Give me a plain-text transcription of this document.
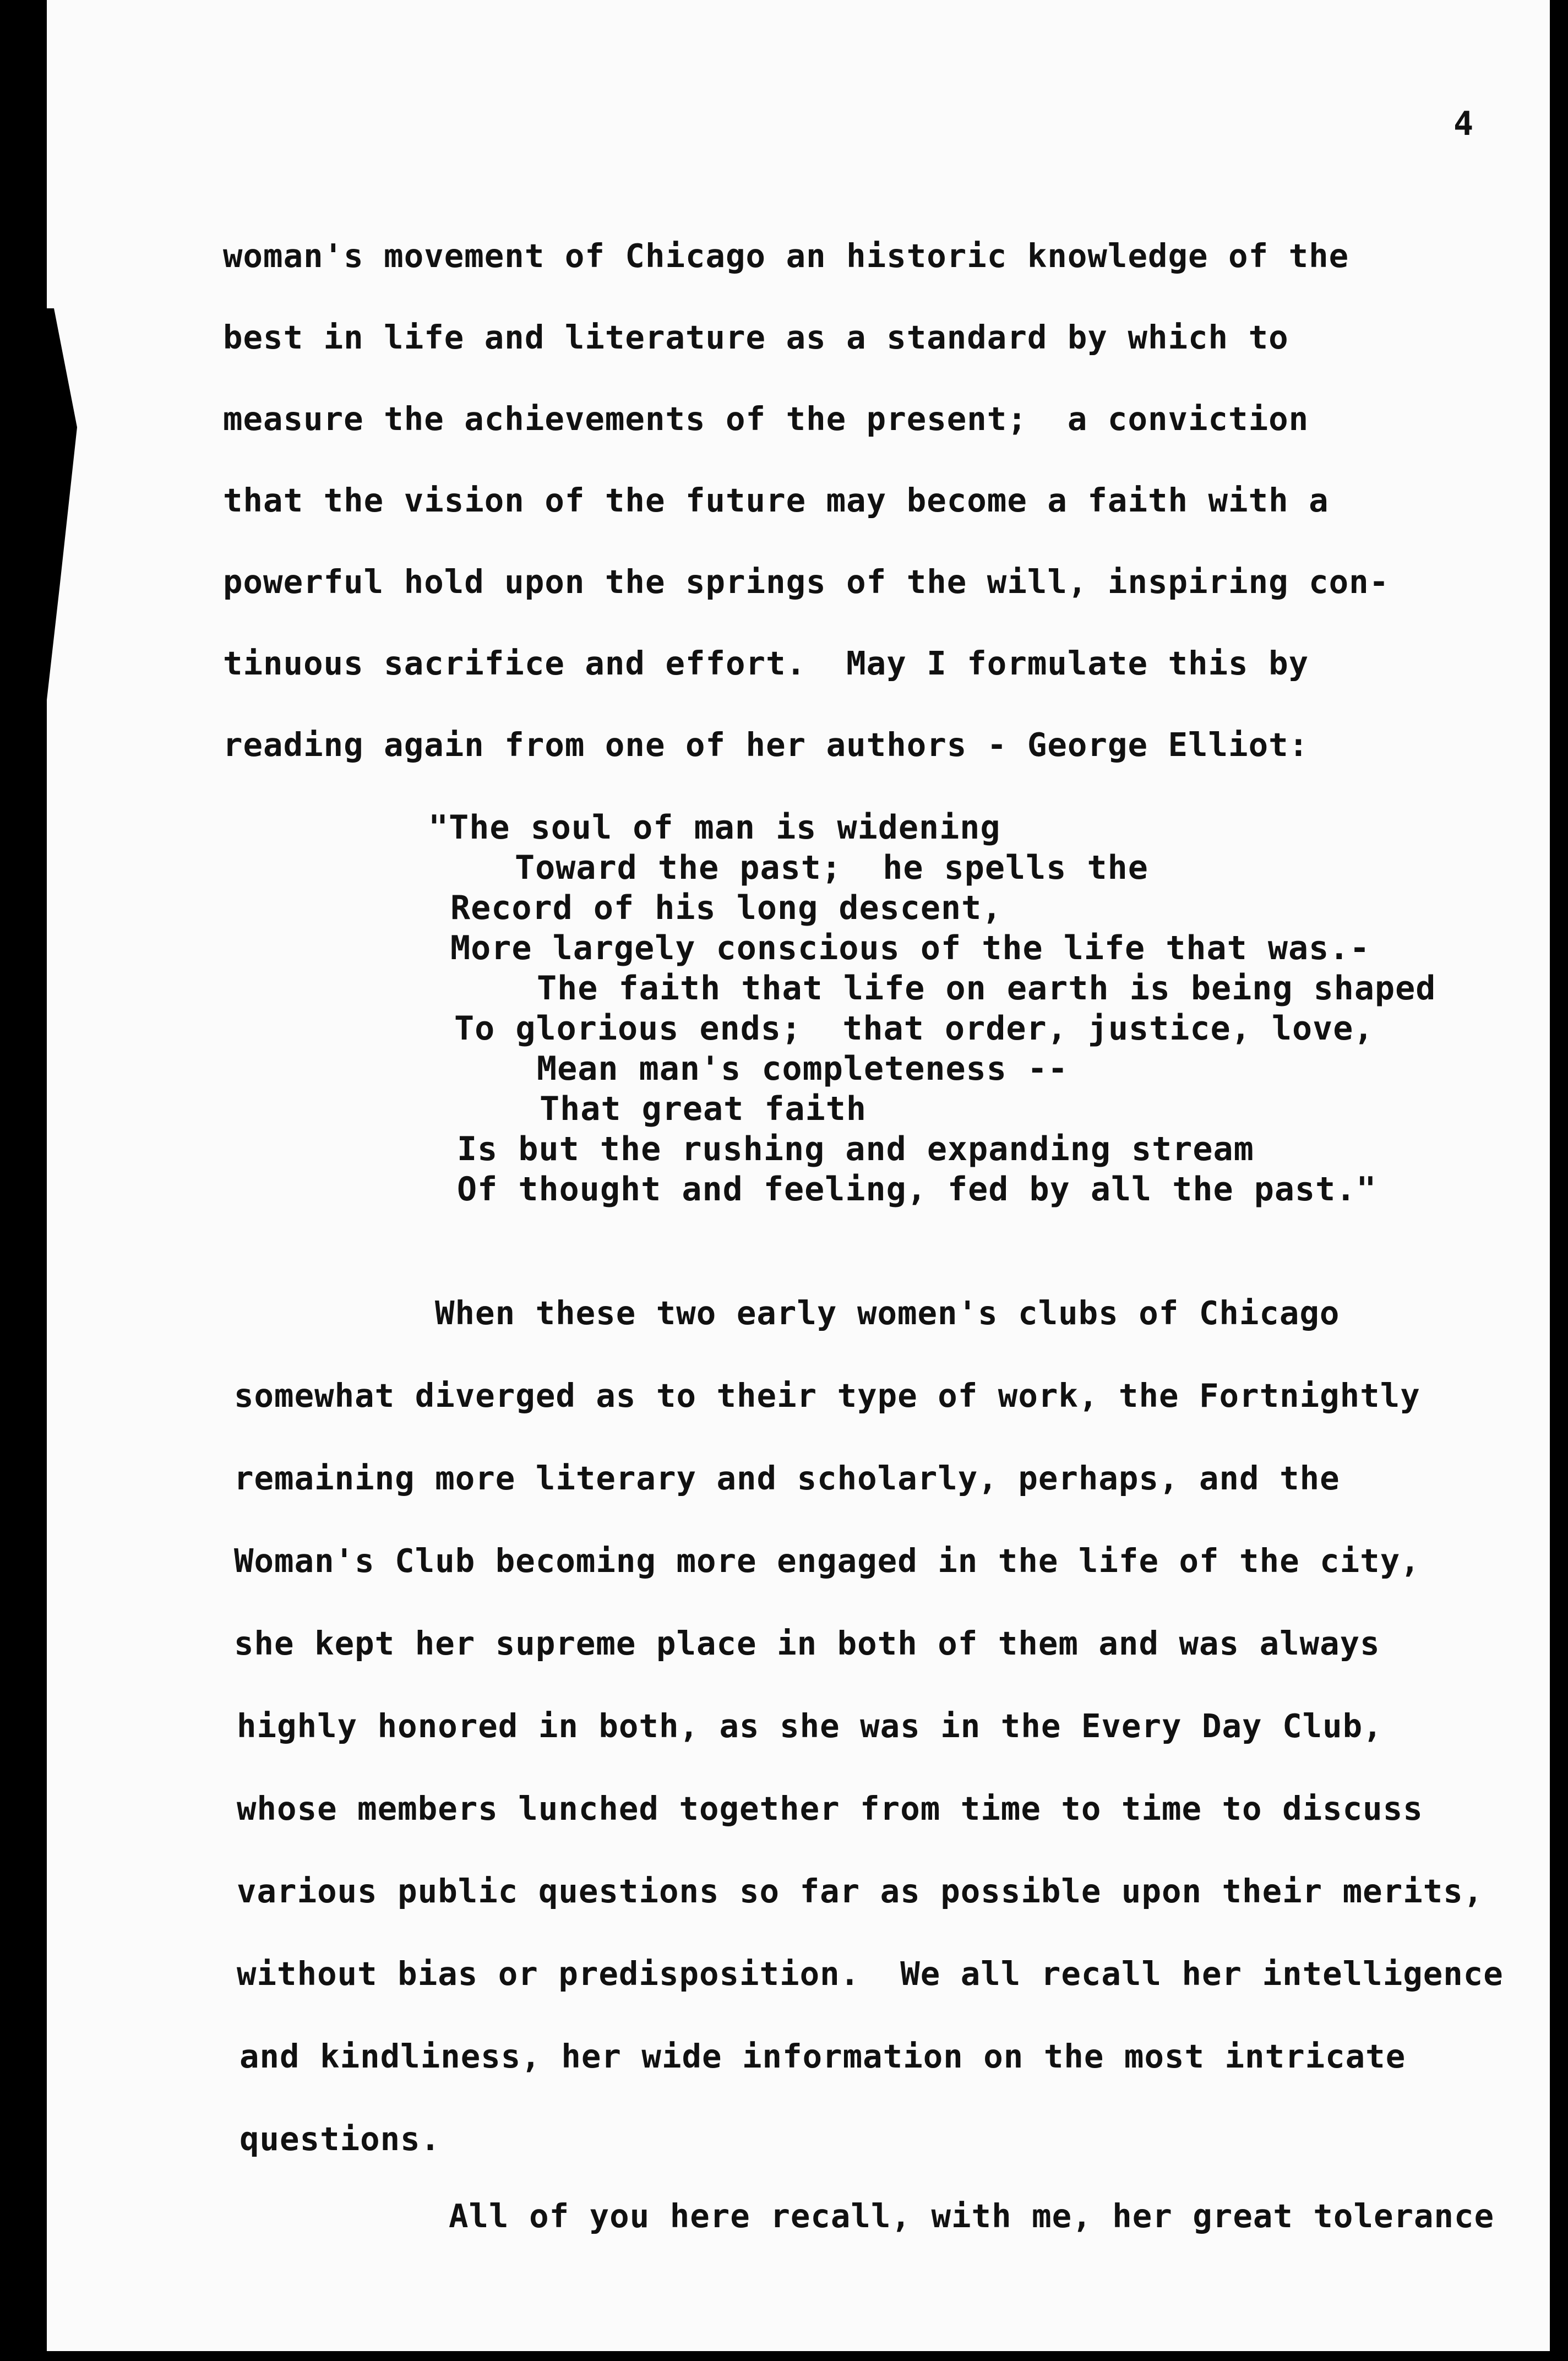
4
woman's movement of Chicago an historic knowledge of the
best in life and literature as a standard by which to
measure the achievements of the present;  a conviction
that the vision of the future may become a faith with a
powerful hold upon the springs of the will, inspiring con-
tinuous sacrifice and effort.  May I formulate this by
reading again from one of her authors - George Elliot:
"The soul of man is widening
Toward the past;  he spells the
Record of his long descent,
More largely conscious of the life that was.-
The faith that life on earth is being shaped
To glorious ends;  that order, justice, love,
Mean man's completeness --
That great faith
Is but the rushing and expanding stream
Of thought and feeling, fed by all the past."
When these two early women's clubs of Chicago
somewhat diverged as to their type of work, the Fortnightly
remaining more literary and scholarly, perhaps, and the
Woman's Club becoming more engaged in the life of the city,
she kept her supreme place in both of them and was always
highly honored in both, as she was in the Every Day Club,
whose members lunched together from time to time to discuss
various public questions so far as possible upon their merits,
without bias or predisposition.  We all recall her intelligence
and kindliness, her wide information on the most intricate
questions.
All of you here recall, with me, her great tolerance
